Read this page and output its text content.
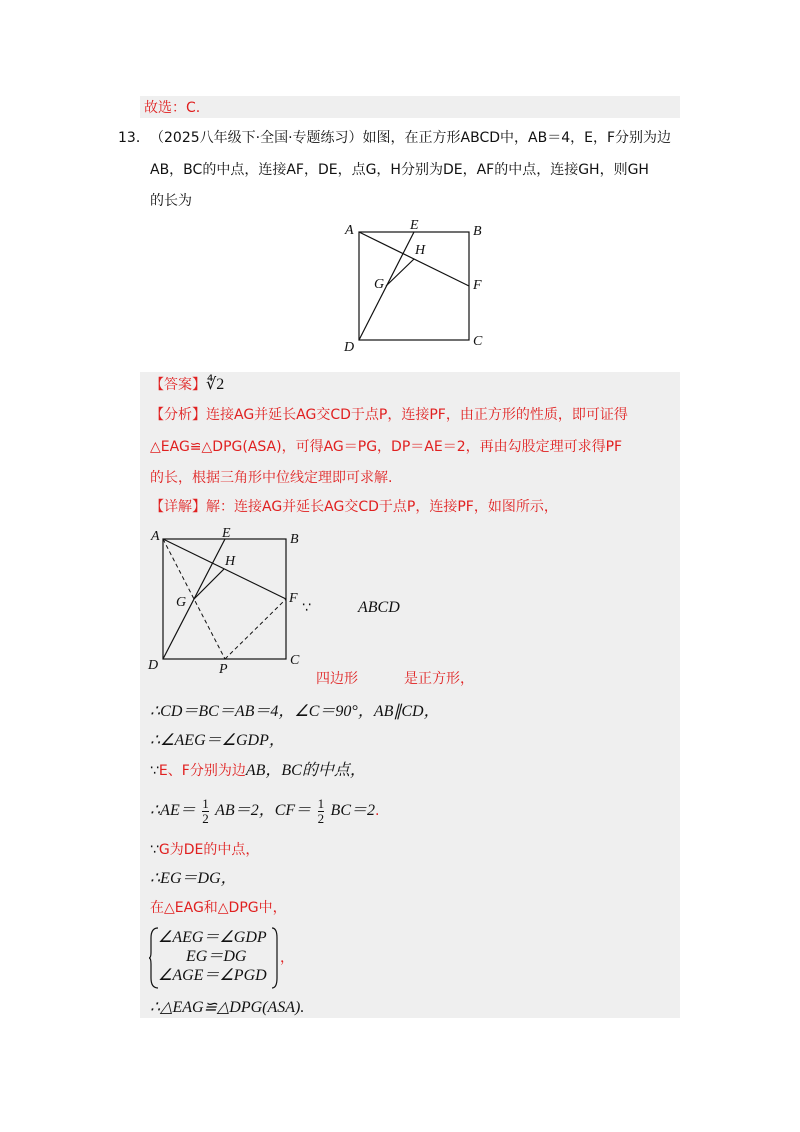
故选：C.
13． （2025八年级下·全国·专题练习）如图，在正方形ABCD中，AB＝4，E，F分别为边
AB，BC的中点，连接AF，DE，点G，H分别为DE，AF的中点，连接GH，则GH
的长为
A	E	B
H
G	F
D	C
【答案】∜2
【分析】连接AG并延长AG交CD于点P，连接PF，由正方形的性质，即可证得
△EAG≌△DPG(ASA)，可得AG＝PG，DP＝AE＝2，再由勾股定理可求得PF
的长，根据三角形中位线定理即可求解.
【详解】解：连接AG并延长AG交CD于点P，连接PF，如图所示，
A	E	B
H
G	F
D	P
C
∵	ABCD
四边形	是正方形，
∴CD＝BC＝AB＝4，∠C＝90°，AB∥CD，
∴∠AEG＝∠GDP，
∵E、F分别为边AB，BC的中点，
∴AE＝ $\frac{1}{2} AB=2$，$CF= \frac{1}{2} BC=2$.
∵G为DE的中点，
∴EG＝DG，
在△EAG和△DPG中，
∠AEG＝∠GDP
EG＝DG
∠AGE＝∠PGD
，
∴△EAG≌△DPG(ASA).
